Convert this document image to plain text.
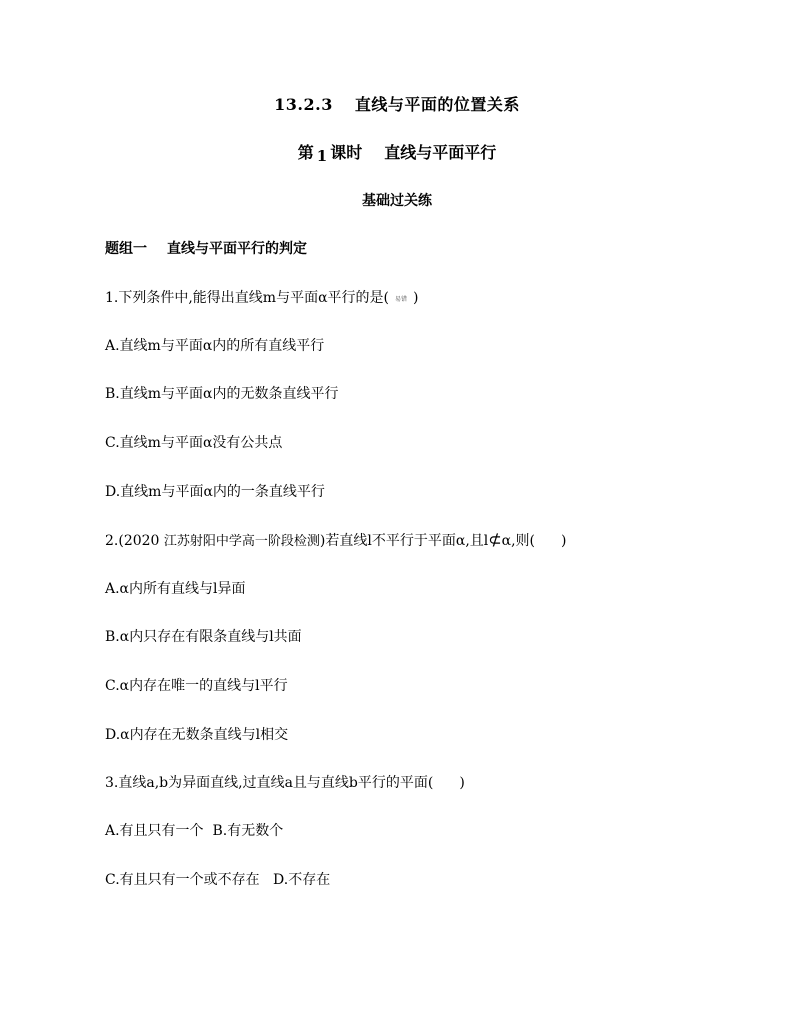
13.2.3 直线与平面的位置关系
第 1 课时 直线与平面平行
基础过关练
题组一 直线与平面平行的判定
1.下列条件中,能得出直线m与平面α平行的是( 易错 )
A.直线m与平面α内的所有直线平行
B.直线m与平面α内的无数条直线平行
C.直线m与平面α没有公共点
D.直线m与平面α内的一条直线平行
2.(2020 江苏射阳中学高一阶段检测)若直线l不平行于平面α,且l⊄α,则( )
A.α内所有直线与l异面
B.α内只存在有限条直线与l共面
C.α内存在唯一的直线与l平行
D.α内存在无数条直线与l相交
3.直线a,b为异面直线,过直线a且与直线b平行的平面( )
A.有且只有一个  B.有无数个
C.有且只有一个或不存在   D.不存在
